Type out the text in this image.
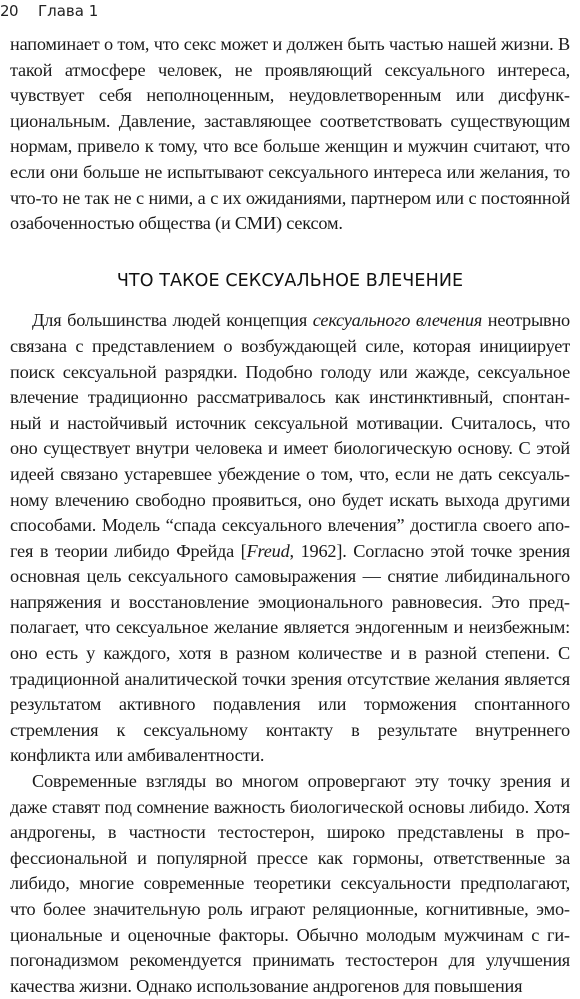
20 Глава 1

напоминает о том, что секс может и должен быть частью нашей жизни. В такой атмосфере человек, не проявляющий сексуального интереса, чувствует себя неполноценным, неудовлетворенным или дисфункциональным. Давление, заставляющее соответствовать существующим нормам, привело к тому, что все больше женщин и мужчин считают, что если они больше не испытывают сексуального интереса или желания, то что-то не так не с ними, а с их ожиданиями, партнером или с постоянной озабоченностью общества (и СМИ) сексом.

ЧТО ТАКОЕ СЕКСУАЛЬНОЕ ВЛЕЧЕНИЕ

Для большинства людей концепция сексуального влечения неотрывно связана с представлением о возбуждающей силе, которая инициирует поиск сексуальной разрядки. Подобно голоду или жажде, сексуальное влечение традиционно рассматривалось как инстинктивный, спонтанный и настойчивый источник сексуальной мотивации. Считалось, что оно существует внутри человека и имеет биологическую основу. С этой идеей связано устаревшее убеждение о том, что, если не дать сексуальному влечению свободно проявиться, оно будет искать выхода другими способами. Модель “спада сексуального влечения” достигла своего апогея в теории либидо Фрейда [Freud, 1962]. Согласно этой точке зрения основная цель сексуального самовыражения — снятие либидинального напряжения и восстановление эмоционального равновесия. Это предполагает, что сексуальное желание является эндогенным и неизбежным: оно есть у каждого, хотя в разном количестве и в разной степени. С традиционной аналитической точки зрения отсутствие желания является результатом активного подавления или торможения спонтанного стремления к сексуальному контакту в результате внутреннего конфликта или амбивалентности.

Современные взгляды во многом опровергают эту точку зрения и даже ставят под сомнение важность биологической основы либидо. Хотя андрогены, в частности тестостерон, широко представлены в профессиональной и популярной прессе как гормоны, ответственные за либидо, многие современные теоретики сексуальности предполагают, что более значительную роль играют реляционные, когнитивные, эмоциональные и оценочные факторы. Обычно молодым мужчинам с гипогонадизмом рекомендуется принимать тестостерон для улучшения качества жизни. Однако использование андрогенов для повышения
